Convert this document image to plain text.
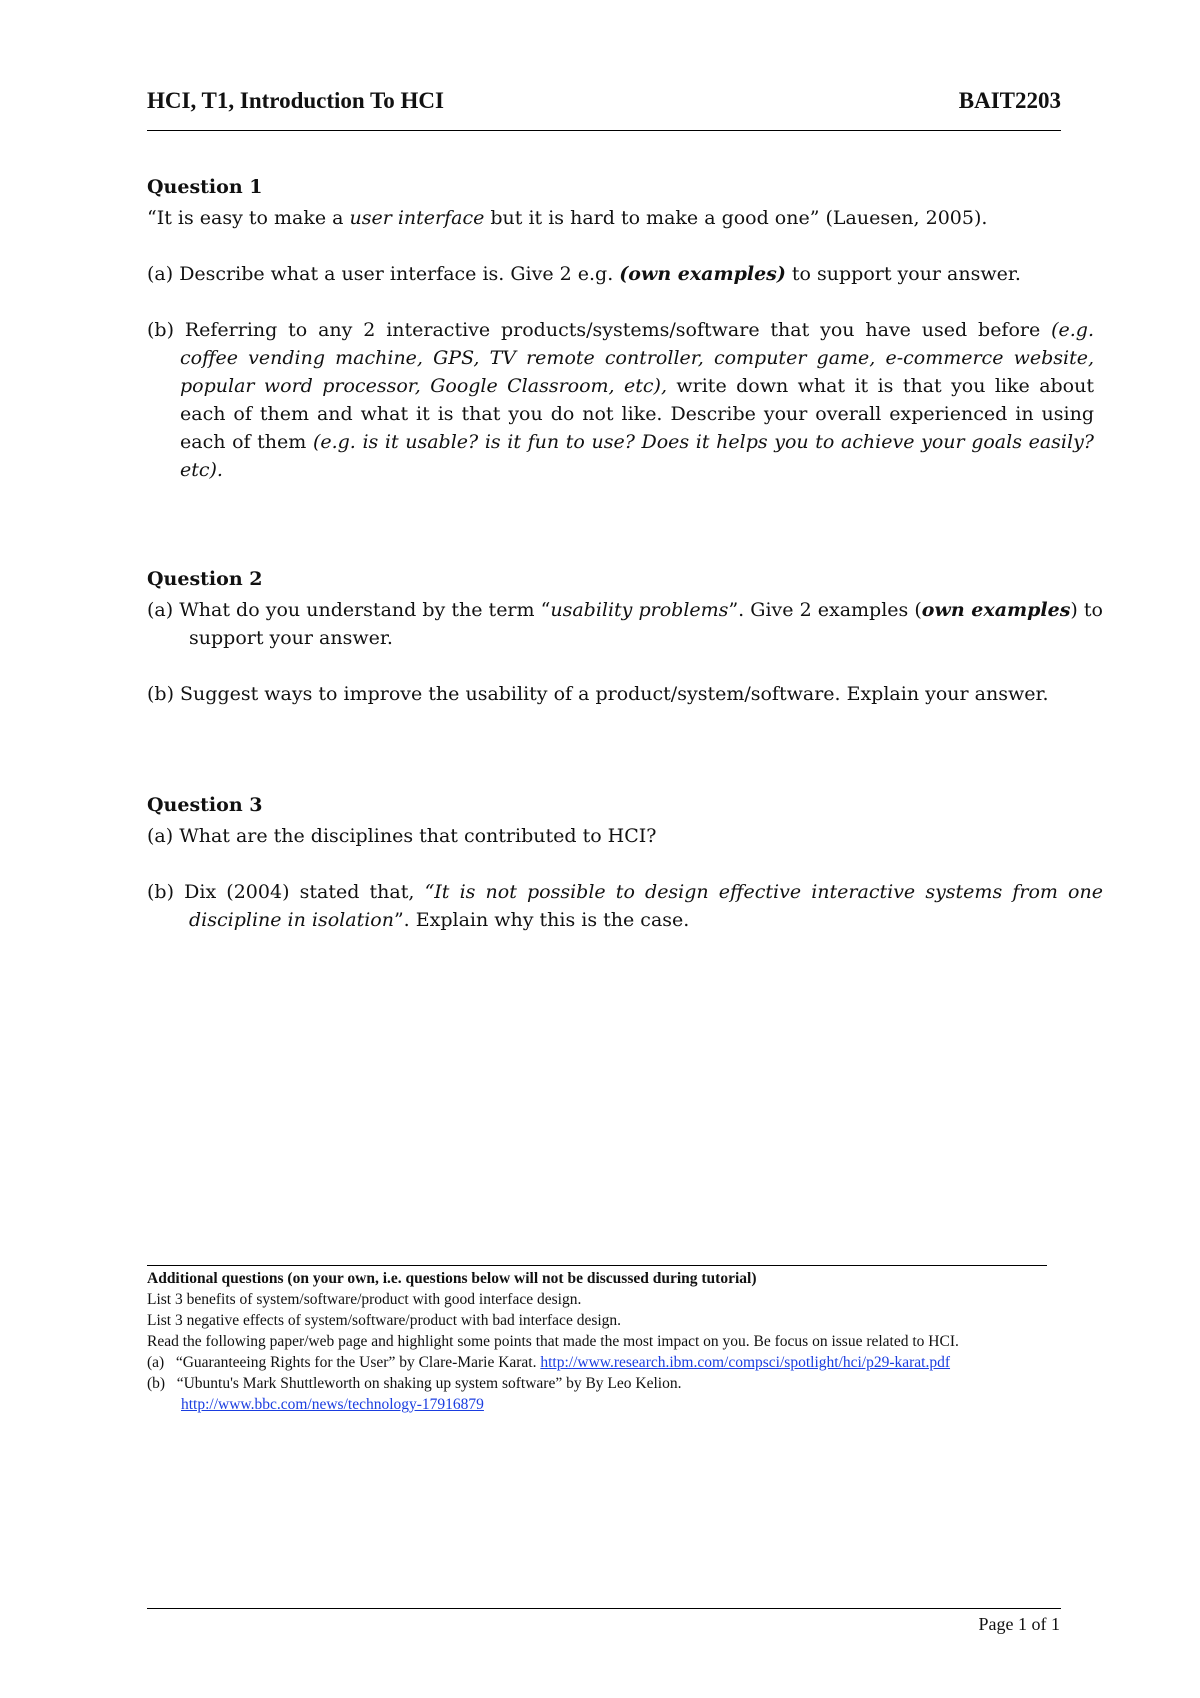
HCI, T1, Introduction To HCI	BAIT2203
Question 1
“It is easy to make a user interface but it is hard to make a good one” (Lauesen, 2005).
(a) Describe what a user interface is. Give 2 e.g. (own examples) to support your answer.
(b) Referring to any 2 interactive products/systems/software that you have used before (e.g. coffee vending machine, GPS, TV remote controller, computer game, e-commerce website, popular word processor, Google Classroom, etc), write down what it is that you like about each of them and what it is that you do not like. Describe your overall experienced in using each of them (e.g. is it usable? is it fun to use? Does it helps you to achieve your goals easily? etc).
Question 2
(a) What do you understand by the term “usability problems”. Give 2 examples (own examples) to support your answer.
(b) Suggest ways to improve the usability of a product/system/software. Explain your answer.
Question 3
(a) What are the disciplines that contributed to HCI?
(b) Dix (2004) stated that, “It is not possible to design effective interactive systems from one discipline in isolation”. Explain why this is the case.
Additional questions (on your own, i.e. questions below will not be discussed during tutorial)
List 3 benefits of system/software/product with good interface design.
List 3 negative effects of system/software/product with bad interface design.
Read the following paper/web page and highlight some points that made the most impact on you. Be focus on issue related to HCI.
(a) “Guaranteeing Rights for the User” by Clare-Marie Karat. http://www.research.ibm.com/compsci/spotlight/hci/p29-karat.pdf
(b) “Ubuntu's Mark Shuttleworth on shaking up system software” by By Leo Kelion.
http://www.bbc.com/news/technology-17916879
Page 1 of 1
